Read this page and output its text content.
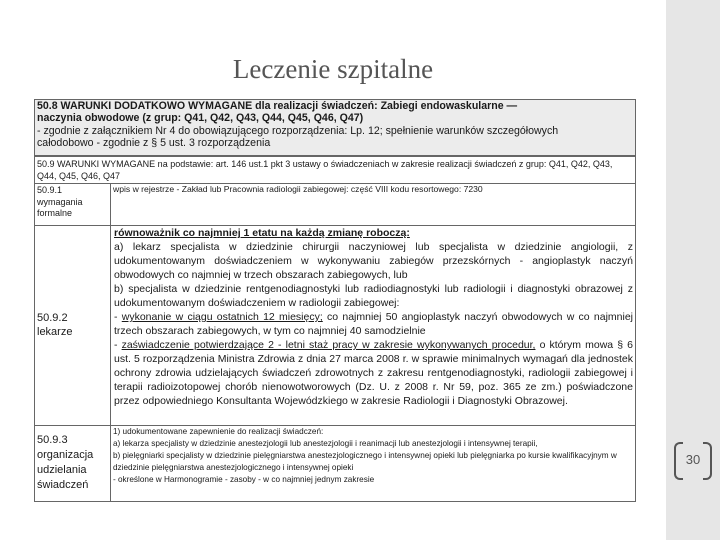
Leczenie szpitalne
30
50.8 WARUNKI DODATKOWO WYMAGANE dla realizacji świadczeń: Zabiegi endowaskularne —
naczynia obwodowe (z grup: Q41, Q42, Q43, Q44, Q45, Q46, Q47)
- zgodnie z załącznikiem Nr 4 do obowiązującego rozporządzenia: Lp. 12; spełnienie warunków szczegółowych
całodobowo - zgodnie z § 5 ust. 3 rozporządzenia
50.9 WARUNKI WYMAGANE na podstawie: art. 146 ust.1 pkt 3 ustawy o świadczeniach w zakresie realizacji świadczeń z grup: Q41, Q42, Q43, Q44, Q45, Q46, Q47
50.9.1
wymagania formalne
wpis w rejestrze - Zakład lub Pracownia radiologii zabiegowej: część VIII kodu resortowego: 7230
50.9.2
lekarze
równoważnik co najmniej 1 etatu na każdą zmianę roboczą:
a) lekarz specjalista w dziedzinie chirurgii naczyniowej lub specjalista w dziedzinie angiologii, z udokumentowanym doświadczeniem w wykonywaniu zabiegów przezskórnych - angioplastyk naczyń obwodowych co najmniej w trzech obszarach zabiegowych, lub
b) specjalista w dziedzinie rentgenodiagnostyki lub radiodiagnostyki lub radiologii i diagnostyki obrazowej z udokumentowanym doświadczeniem w radiologii zabiegowej:
- wykonanie w ciągu ostatnich 12 miesięcy; co najmniej 50 angioplastyk naczyń obwodowych w co najmniej trzech obszarach zabiegowych, w tym co najmniej 40 samodzielnie
- zaświadczenie potwierdzające 2 - letni staż pracy w zakresie wykonywanych procedur, o którym mowa § 6 ust. 5 rozporządzenia Ministra Zdrowia z dnia 27 marca 2008 r. w sprawie minimalnych wymagań dla jednostek ochrony zdrowia udzielających świadczeń zdrowotnych z zakresu rentgenodiagnostyki, radiologii zabiegowej i terapii radioizotopowej chorób nienowotworowych (Dz. U. z 2008 r. Nr 59, poz. 365 ze zm.) poświadczone przez odpowiedniego Konsultanta Wojewódzkiego w zakresie Radiologii i Diagnostyki Obrazowej.
50.9.3
organizacja udzielania świadczeń
1) udokumentowane zapewnienie do realizacji świadczeń:
a) lekarza specjalisty w dziedzinie anestezjologii lub anestezjologii i reanimacji lub anestezjologii i intensywnej terapii,
b) pielęgniarki specjalisty w dziedzinie pielęgniarstwa anestezjologicznego i intensywnej opieki lub pielęgniarka po kursie kwalifikacyjnym w dziedzinie pielęgniarstwa anestezjologicznego i intensywnej opieki
- określone w Harmonogramie - zasoby - w co najmniej jednym zakresie
